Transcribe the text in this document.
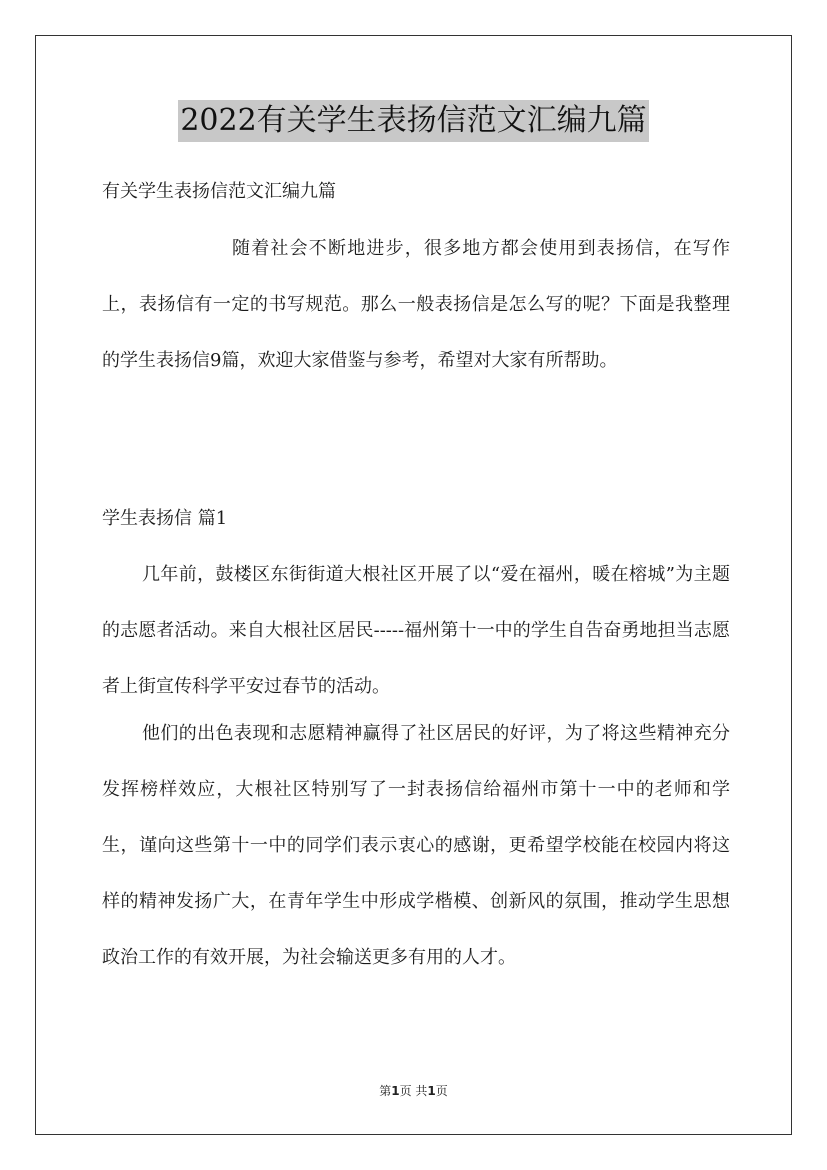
2022有关学生表扬信范文汇编九篇

有关学生表扬信范文汇编九篇

随着社会不断地进步，很多地方都会使用到表扬信，在写作上，表扬信有一定的书写规范。那么一般表扬信是怎么写的呢？下面是我整理的学生表扬信9篇，欢迎大家借鉴与参考，希望对大家有所帮助。

学生表扬信 篇1

几年前，鼓楼区东街街道大根社区开展了以“爱在福州，暖在榕城”为主题的志愿者活动。来自大根社区居民-----福州第十一中的学生自告奋勇地担当志愿者上街宣传科学平安过春节的活动。

他们的出色表现和志愿精神赢得了社区居民的好评，为了将这些精神充分发挥榜样效应，大根社区特别写了一封表扬信给福州市第十一中的老师和学生，谨向这些第十一中的同学们表示衷心的感谢，更希望学校能在校园内将这样的精神发扬广大，在青年学生中形成学楷模、创新风的氛围，推动学生思想政治工作的有效开展，为社会输送更多有用的人才。

第1页 共1页
